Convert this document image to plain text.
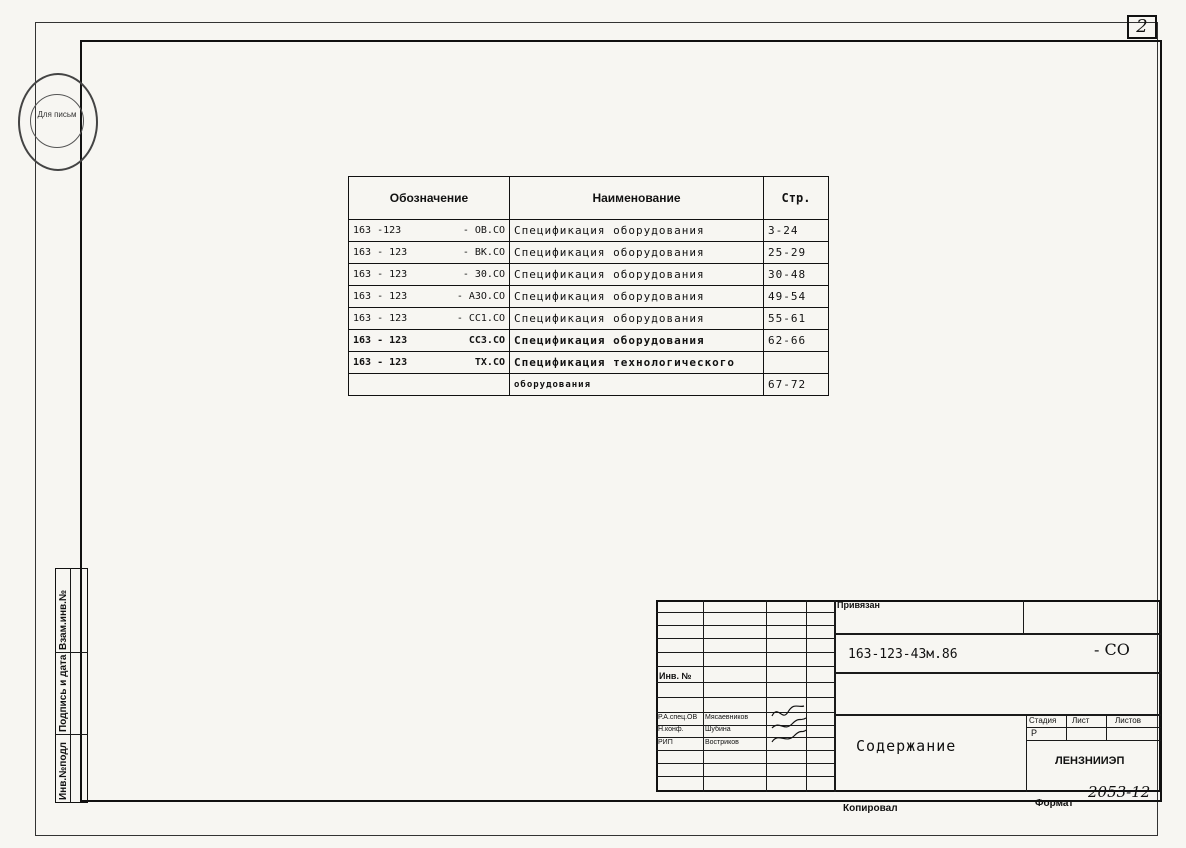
2
Для письм
Инв.№подл
Подпись и дата
Взам.инв.№
Обозначение	Наименование	Стр.

163 -123 - ОВ.СО	Спецификация оборудования	3-24

163 - 123 - ВК.СО	Спецификация оборудования	25-29

163 - 123 - 30.СО	Спецификация оборудования	30-48

163 - 123 - АЗО.СО	Спецификация оборудования	49-54

163 - 123 - СС1.СО	Спецификация оборудования	55-61

163 - 123 СС3.СО	Спецификация оборудования	62-66

163 - 123 ТХ.СО	Спецификация технологического	

	оборудования	67-72
Привязан
Инв. №
163-123-43м.86	- СО
Р.А.спец.ОВ Мясаевников
Н.конф.	Шубина
РИП	Востриков	Содержание
Стадия Лист	Листов
Р
ЛЕНЗНИИЭП
Копировал	Формат
2053-12
